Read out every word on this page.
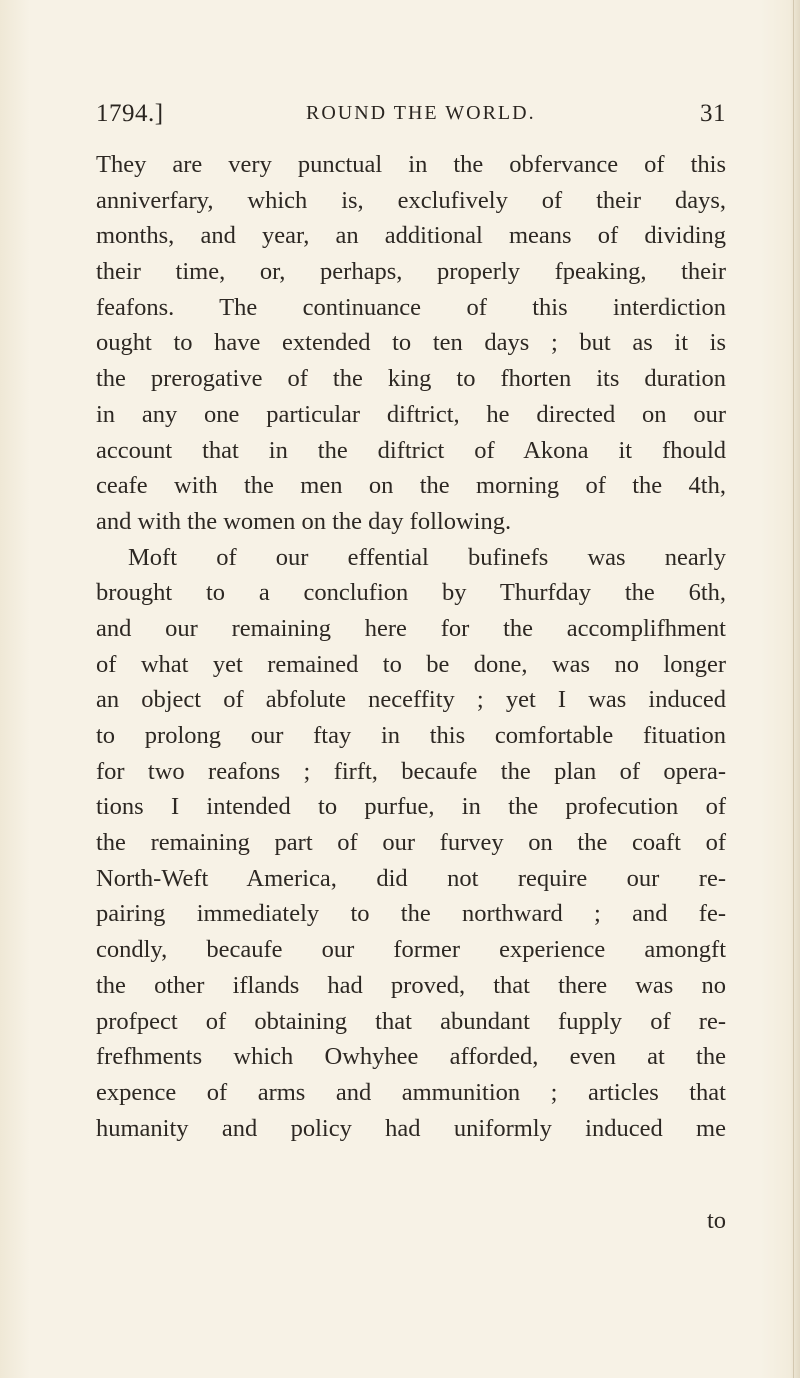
1794.]	ROUND THE WORLD.	31
They are very punctual in the obfervance of this
anniverfary, which is, exclufively of their days,
months, and year, an additional means of dividing
their time, or, perhaps, properly fpeaking, their
feafons. The continuance of this interdiction
ought to have extended to ten days ; but as it is
the prerogative of the king to fhorten its duration
in any one particular diftrict, he directed on our
account that in the diftrict of Akona it fhould
ceafe with the men on the morning of the 4th,
and with the women on the day following.
Moft of our effential bufinefs was nearly
brought to a conclufion by Thurfday the 6th,
and our remaining here for the accomplifhment
of what yet remained to be done, was no longer
an object of abfolute neceffity ; yet I was induced
to prolong our ftay in this comfortable fituation
for two reafons ; firft, becaufe the plan of opera-
tions I intended to purfue, in the profecution of
the remaining part of our furvey on the coaft of
North-Weft America, did not require our re-
pairing immediately to the northward ; and fe-
condly, becaufe our former experience amongft
the other iflands had proved, that there was no
profpect of obtaining that abundant fupply of re-
frefhments which Owhyhee afforded, even at the
expence of arms and ammunition ; articles that
humanity and policy had uniformly induced me
to
